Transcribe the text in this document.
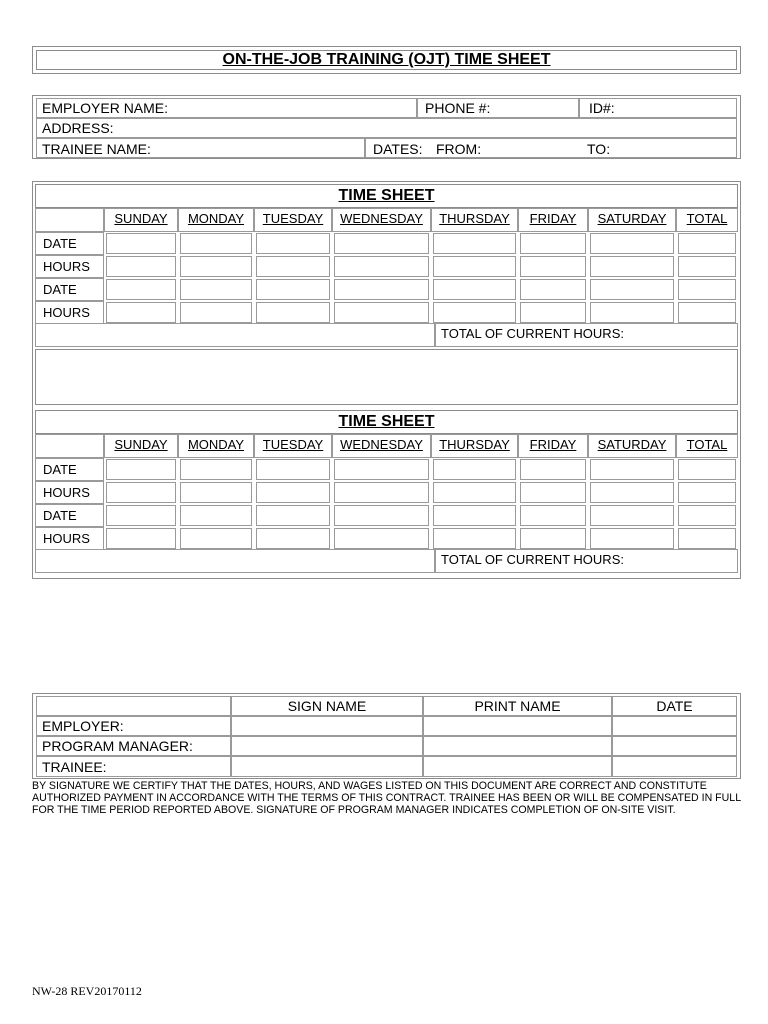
ON-THE-JOB TRAINING (OJT) TIME SHEET
EMPLOYER NAME:	PHONE #:	ID#:
ADDRESS:
TRAINEE NAME:	DATES: FROM:	TO:
TIME SHEET
SUNDAY	MONDAY	TUESDAY	WEDNESDAY	THURSDAY	FRIDAY	SATURDAY	TOTAL
DATE
HOURS
DATE
HOURS
TOTAL OF CURRENT HOURS:
TIME SHEET
SUNDAY	MONDAY	TUESDAY	WEDNESDAY	THURSDAY	FRIDAY	SATURDAY	TOTAL
DATE
HOURS
DATE
HOURS
TOTAL OF CURRENT HOURS:
SIGN NAME	PRINT NAME	DATE
EMPLOYER:
PROGRAM MANAGER:
TRAINEE:
BY SIGNATURE WE CERTIFY THAT THE DATES, HOURS, AND WAGES LISTED ON THIS DOCUMENT ARE CORRECT AND CONSTITUTE AUTHORIZED PAYMENT IN ACCORDANCE WITH THE TERMS OF THIS CONTRACT. TRAINEE HAS BEEN OR WILL BE COMPENSATED IN FULL FOR THE TIME PERIOD REPORTED ABOVE. SIGNATURE OF PROGRAM MANAGER INDICATES COMPLETION OF ON-SITE VISIT.
NW-28 REV20170112
